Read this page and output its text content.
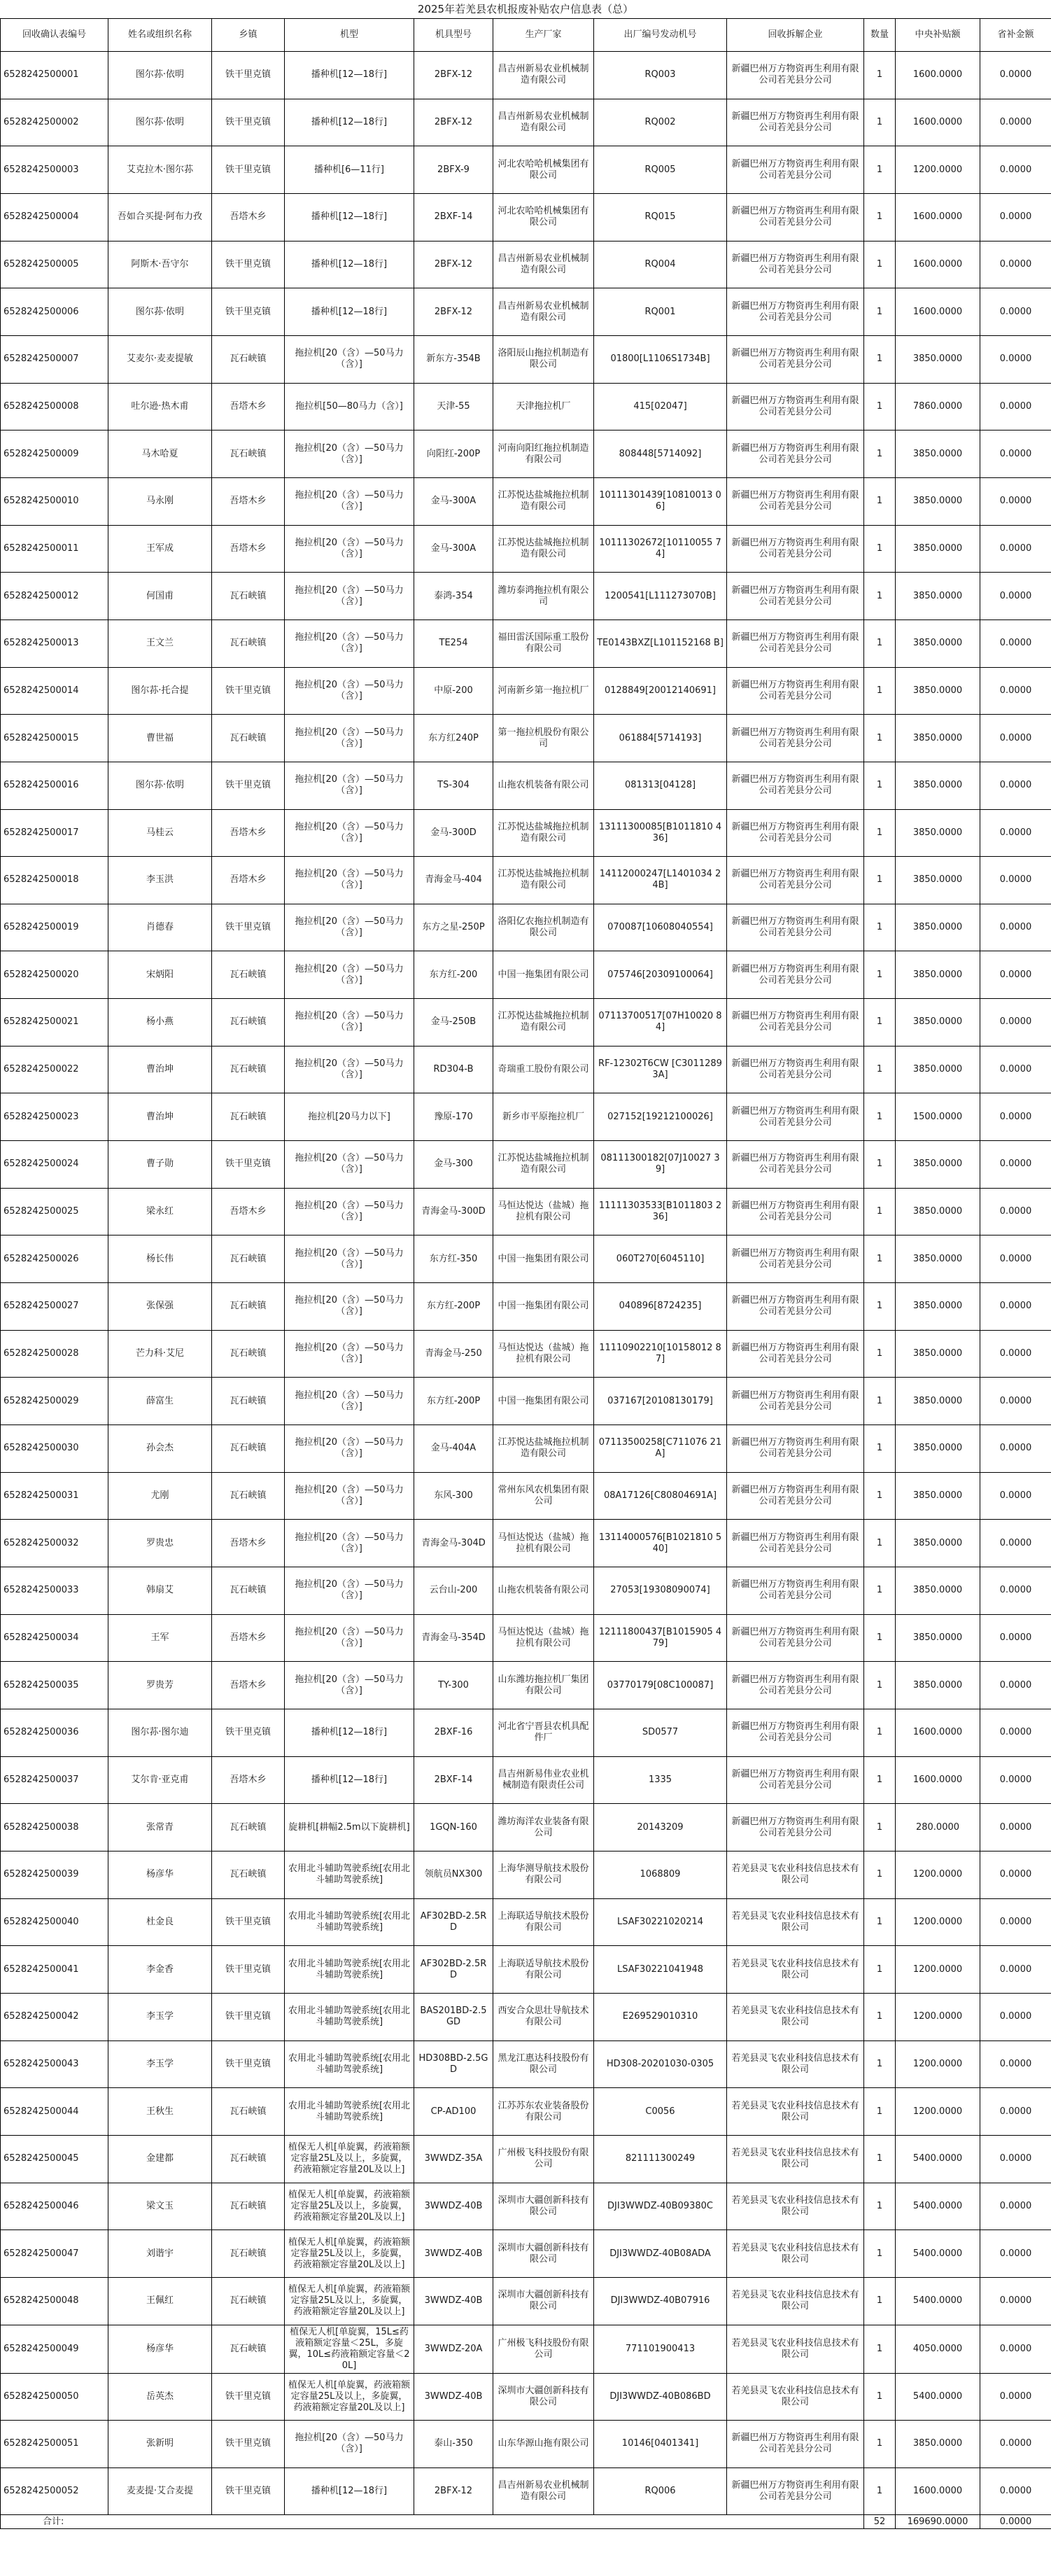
2025年若羌县农机报废补贴农户信息表（总）
回收确认表编号	姓名或组织名称	乡镇	机型	机具型号	生产厂家	出厂编号发动机号	回收拆解企业	数量	中央补贴额	省补金额
6528242500001	图尔荪·依明	铁干里克镇	播种机[12—18行]	2BFX-12	昌吉州新易农业机械制造有限公司	RQ003	新疆巴州万方物资再生利用有限公司若羌县分公司	1	1600.0000	0.0000
6528242500002	图尔荪·依明	铁干里克镇	播种机[12—18行]	2BFX-12	昌吉州新易农业机械制造有限公司	RQ002	新疆巴州万方物资再生利用有限公司若羌县分公司	1	1600.0000	0.0000
6528242500003	艾克拉木·图尔荪	铁干里克镇	播种机[6—11行]	2BFX-9	河北农哈哈机械集团有限公司	RQ005	新疆巴州万方物资再生利用有限公司若羌县分公司	1	1200.0000	0.0000
6528242500004	吾如合买提·阿布力孜	吾塔木乡	播种机[12—18行]	2BXF-14	河北农哈哈机械集团有限公司	RQ015	新疆巴州万方物资再生利用有限公司若羌县分公司	1	1600.0000	0.0000
6528242500005	阿斯木·吾守尔	铁干里克镇	播种机[12—18行]	2BFX-12	昌吉州新易农业机械制造有限公司	RQ004	新疆巴州万方物资再生利用有限公司若羌县分公司	1	1600.0000	0.0000
6528242500006	图尔荪·依明	铁干里克镇	播种机[12—18行]	2BFX-12	昌吉州新易农业机械制造有限公司	RQ001	新疆巴州万方物资再生利用有限公司若羌县分公司	1	1600.0000	0.0000
6528242500007	艾麦尔·麦麦提敏	瓦石峡镇	拖拉机[20（含）—50马力（含）]	新东方-354B	洛阳辰山拖拉机制造有限公司	01800[L1106S1734B]	新疆巴州万方物资再生利用有限公司若羌县分公司	1	3850.0000	0.0000
6528242500008	吐尔逊·热木甫	吾塔木乡	拖拉机[50—80马力（含）]	天津-55	天津拖拉机厂	415[02047]	新疆巴州万方物资再生利用有限公司若羌县分公司	1	7860.0000	0.0000
6528242500009	马木哈夏	瓦石峡镇	拖拉机[20（含）—50马力（含）]	向阳红-200P	河南向阳红拖拉机制造有限公司	808448[5714092]	新疆巴州万方物资再生利用有限公司若羌县分公司	1	3850.0000	0.0000
6528242500010	马永刚	吾塔木乡	拖拉机[20（含）—50马力（含）]	金马-300A	江苏悦达盐城拖拉机制造有限公司	10111301439[10810013 06]	新疆巴州万方物资再生利用有限公司若羌县分公司	1	3850.0000	0.0000
6528242500011	王军成	吾塔木乡	拖拉机[20（含）—50马力（含）]	金马-300A	江苏悦达盐城拖拉机制造有限公司	10111302672[10110055 74]	新疆巴州万方物资再生利用有限公司若羌县分公司	1	3850.0000	0.0000
6528242500012	何国甫	瓦石峡镇	拖拉机[20（含）—50马力（含）]	泰鸿-354	潍坊泰鸿拖拉机有限公司	1200541[L111273070B]	新疆巴州万方物资再生利用有限公司若羌县分公司	1	3850.0000	0.0000
6528242500013	王文兰	瓦石峡镇	拖拉机[20（含）—50马力（含）]	TE254	福田雷沃国际重工股份有限公司	TE0143BXZ[L101152168 B]	新疆巴州万方物资再生利用有限公司若羌县分公司	1	3850.0000	0.0000
6528242500014	图尔荪·托合提	铁干里克镇	拖拉机[20（含）—50马力（含）]	中原-200	河南新乡第一拖拉机厂	0128849[20012140691]	新疆巴州万方物资再生利用有限公司若羌县分公司	1	3850.0000	0.0000
6528242500015	曹世福	瓦石峡镇	拖拉机[20（含）—50马力（含）]	东方红240P	第一拖拉机股份有限公司	061884[5714193]	新疆巴州万方物资再生利用有限公司若羌县分公司	1	3850.0000	0.0000
6528242500016	图尔荪·依明	铁干里克镇	拖拉机[20（含）—50马力（含）]	TS-304	山拖农机装备有限公司	081313[04128]	新疆巴州万方物资再生利用有限公司若羌县分公司	1	3850.0000	0.0000
6528242500017	马桂云	吾塔木乡	拖拉机[20（含）—50马力（含）]	金马-300D	江苏悦达盐城拖拉机制造有限公司	13111300085[B1011810 436]	新疆巴州万方物资再生利用有限公司若羌县分公司	1	3850.0000	0.0000
6528242500018	李玉洪	吾塔木乡	拖拉机[20（含）—50马力（含）]	青海金马-404	江苏悦达盐城拖拉机制造有限公司	14112000247[L1401034 24B]	新疆巴州万方物资再生利用有限公司若羌县分公司	1	3850.0000	0.0000
6528242500019	肖德春	铁干里克镇	拖拉机[20（含）—50马力（含）]	东方之星-250P	洛阳亿农拖拉机制造有限公司	070087[10608040554]	新疆巴州万方物资再生利用有限公司若羌县分公司	1	3850.0000	0.0000
6528242500020	宋炳阳	瓦石峡镇	拖拉机[20（含）—50马力（含）]	东方红-200	中国一拖集团有限公司	075746[20309100064]	新疆巴州万方物资再生利用有限公司若羌县分公司	1	3850.0000	0.0000
6528242500021	杨小燕	瓦石峡镇	拖拉机[20（含）—50马力（含）]	金马-250B	江苏悦达盐城拖拉机制造有限公司	07113700517[07H10020 84]	新疆巴州万方物资再生利用有限公司若羌县分公司	1	3850.0000	0.0000
6528242500022	曹治坤	瓦石峡镇	拖拉机[20（含）—50马力（含）]	RD304-B	奇瑞重工股份有限公司	RF-12302T6CW [C30112893A]	新疆巴州万方物资再生利用有限公司若羌县分公司	1	3850.0000	0.0000
6528242500023	曹治坤	瓦石峡镇	拖拉机[20马力以下]	豫原-170	新乡市平原拖拉机厂	027152[19212100026]	新疆巴州万方物资再生利用有限公司若羌县分公司	1	1500.0000	0.0000
6528242500024	曹子勋	铁干里克镇	拖拉机[20（含）—50马力（含）]	金马-300	江苏悦达盐城拖拉机制造有限公司	08111300182[07J10027 39]	新疆巴州万方物资再生利用有限公司若羌县分公司	1	3850.0000	0.0000
6528242500025	梁永红	吾塔木乡	拖拉机[20（含）—50马力（含）]	青海金马-300D	马恒达悦达（盐城）拖拉机有限公司	11111303533[B1011803 236]	新疆巴州万方物资再生利用有限公司若羌县分公司	1	3850.0000	0.0000
6528242500026	杨长伟	瓦石峡镇	拖拉机[20（含）—50马力（含）]	东方红-350	中国一拖集团有限公司	060T270[6045110]	新疆巴州万方物资再生利用有限公司若羌县分公司	1	3850.0000	0.0000
6528242500027	张保强	瓦石峡镇	拖拉机[20（含）—50马力（含）]	东方红-200P	中国一拖集团有限公司	040896[8724235]	新疆巴州万方物资再生利用有限公司若羌县分公司	1	3850.0000	0.0000
6528242500028	芒力科·艾尼	瓦石峡镇	拖拉机[20（含）—50马力（含）]	青海金马-250	马恒达悦达（盐城）拖拉机有限公司	11110902210[10158012 87]	新疆巴州万方物资再生利用有限公司若羌县分公司	1	3850.0000	0.0000
6528242500029	薛富生	瓦石峡镇	拖拉机[20（含）—50马力（含）]	东方红-200P	中国一拖集团有限公司	037167[20108130179]	新疆巴州万方物资再生利用有限公司若羌县分公司	1	3850.0000	0.0000
6528242500030	孙会杰	瓦石峡镇	拖拉机[20（含）—50马力（含）]	金马-404A	江苏悦达盐城拖拉机制造有限公司	07113500258[C711076 21A]	新疆巴州万方物资再生利用有限公司若羌县分公司	1	3850.0000	0.0000
6528242500031	尤刚	瓦石峡镇	拖拉机[20（含）—50马力（含）]	东风-300	常州东风农机集团有限公司	08A17126[C80804691A]	新疆巴州万方物资再生利用有限公司若羌县分公司	1	3850.0000	0.0000
6528242500032	罗贵忠	吾塔木乡	拖拉机[20（含）—50马力（含）]	青海金马-304D	马恒达悦达（盐城）拖拉机有限公司	13114000576[B1021810 540]	新疆巴州万方物资再生利用有限公司若羌县分公司	1	3850.0000	0.0000
6528242500033	韩扇艾	瓦石峡镇	拖拉机[20（含）—50马力（含）]	云台山-200	山拖农机装备有限公司	27053[19308090074]	新疆巴州万方物资再生利用有限公司若羌县分公司	1	3850.0000	0.0000
6528242500034	王军	吾塔木乡	拖拉机[20（含）—50马力（含）]	青海金马-354D	马恒达悦达（盐城）拖拉机有限公司	12111800437[B1015905 479]	新疆巴州万方物资再生利用有限公司若羌县分公司	1	3850.0000	0.0000
6528242500035	罗贵芳	吾塔木乡	拖拉机[20（含）—50马力（含）]	TY-300	山东潍坊拖拉机厂集团有限公司	03770179[08C100087]	新疆巴州万方物资再生利用有限公司若羌县分公司	1	3850.0000	0.0000
6528242500036	图尔荪·图尔迪	铁干里克镇	播种机[12—18行]	2BXF-16	河北省宁晋县农机具配件厂	SD0577	新疆巴州万方物资再生利用有限公司若羌县分公司	1	1600.0000	0.0000
6528242500037	艾尔肯·亚克甫	吾塔木乡	播种机[12—18行]	2BXF-14	昌吉州新易伟业农业机械制造有限责任公司	1335	新疆巴州万方物资再生利用有限公司若羌县分公司	1	1600.0000	0.0000
6528242500038	张常青	瓦石峡镇	旋耕机[耕幅2.5m以下旋耕机]	1GQN-160	潍坊海洋农业装备有限公司	20143209	新疆巴州万方物资再生利用有限公司若羌县分公司	1	280.0000	0.0000
6528242500039	杨彦华	瓦石峡镇	农用北斗辅助驾驶系统[农用北斗辅助驾驶系统]	领航员NX300	上海华测导航技术股份有限公司	1068809	若羌县灵飞农业科技信息技术有限公司	1	1200.0000	0.0000
6528242500040	杜金良	铁干里克镇	农用北斗辅助驾驶系统[农用北斗辅助驾驶系统]	AF302BD-2.5RD	上海联适导航技术股份有限公司	LSAF30221020214	若羌县灵飞农业科技信息技术有限公司	1	1200.0000	0.0000
6528242500041	李金香	铁干里克镇	农用北斗辅助驾驶系统[农用北斗辅助驾驶系统]	AF302BD-2.5RD	上海联适导航技术股份有限公司	LSAF30221041948	若羌县灵飞农业科技信息技术有限公司	1	1200.0000	0.0000
6528242500042	李玉学	铁干里克镇	农用北斗辅助驾驶系统[农用北斗辅助驾驶系统]	BAS201BD-2.5GD	西安合众思壮导航技术有限公司	E269529010310	若羌县灵飞农业科技信息技术有限公司	1	1200.0000	0.0000
6528242500043	李玉学	铁干里克镇	农用北斗辅助驾驶系统[农用北斗辅助驾驶系统]	HD308BD-2.5GD	黑龙江惠达科技股份有限公司	HD308-20201030-0305	若羌县灵飞农业科技信息技术有限公司	1	1200.0000	0.0000
6528242500044	王秋生	瓦石峡镇	农用北斗辅助驾驶系统[农用北斗辅助驾驶系统]	CP-AD100	江苏苏东农业装备股份有限公司	C0056	若羌县灵飞农业科技信息技术有限公司	1	1200.0000	0.0000
6528242500045	金建都	瓦石峡镇	植保无人机[单旋翼，药液箱额定容量25L及以上，多旋翼，药液箱额定容量20L及以上]	3WWDZ-35A	广州极飞科技股份有限公司	821111300249	若羌县灵飞农业科技信息技术有限公司	1	5400.0000	0.0000
6528242500046	梁文玉	瓦石峡镇	植保无人机[单旋翼，药液箱额定容量25L及以上，多旋翼，药液箱额定容量20L及以上]	3WWDZ-40B	深圳市大疆创新科技有限公司	DJI3WWDZ-40B09380C	若羌县灵飞农业科技信息技术有限公司	1	5400.0000	0.0000
6528242500047	刘谐宇	瓦石峡镇	植保无人机[单旋翼，药液箱额定容量25L及以上，多旋翼，药液箱额定容量20L及以上]	3WWDZ-40B	深圳市大疆创新科技有限公司	DJI3WWDZ-40B08ADA	若羌县灵飞农业科技信息技术有限公司	1	5400.0000	0.0000
6528242500048	王佩红	瓦石峡镇	植保无人机[单旋翼，药液箱额定容量25L及以上，多旋翼，药液箱额定容量20L及以上]	3WWDZ-40B	深圳市大疆创新科技有限公司	DJI3WWDZ-40B07916	若羌县灵飞农业科技信息技术有限公司	1	5400.0000	0.0000
6528242500049	杨彦华	瓦石峡镇	植保无人机[单旋翼，15L≤药液箱额定容量＜25L，多旋翼，10L≤药液箱额定容量＜20L]	3WWDZ-20A	广州极飞科技股份有限公司	771101900413	若羌县灵飞农业科技信息技术有限公司	1	4050.0000	0.0000
6528242500050	岳英杰	铁干里克镇	植保无人机[单旋翼，药液箱额定容量25L及以上，多旋翼，药液箱额定容量20L及以上]	3WWDZ-40B	深圳市大疆创新科技有限公司	DJI3WWDZ-40B086BD	若羌县灵飞农业科技信息技术有限公司	1	5400.0000	0.0000
6528242500051	张新明	铁干里克镇	拖拉机[20（含）—50马力（含）]	泰山-350	山东华源山拖有限公司	10146[0401341]	新疆巴州万方物资再生利用有限公司若羌县分公司	1	3850.0000	0.0000
6528242500052	麦麦提·艾合麦提	铁干里克镇	播种机[12—18行]	2BFX-12	昌吉州新易农业机械制造有限公司	RQ006	新疆巴州万方物资再生利用有限公司若羌县分公司	1	1600.0000	0.0000
合计:								52	169690.0000	0.0000
